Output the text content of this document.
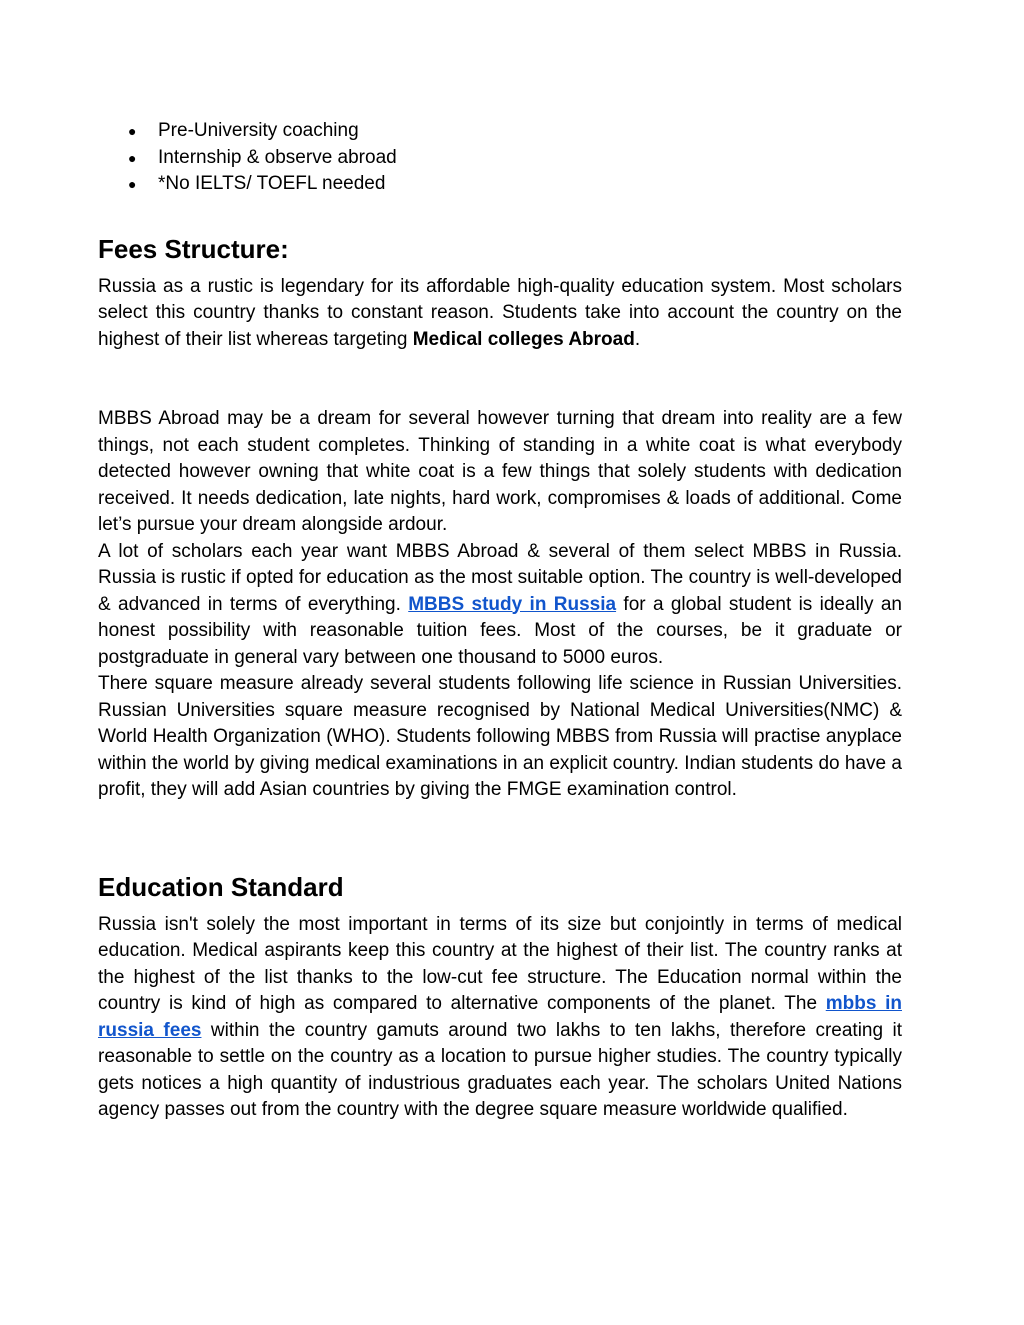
● Pre-University coaching
● Internship & observe abroad
● *No IELTS/ TOEFL needed
Fees Structure:

Russia as a rustic is legendary for its affordable high-quality education system. Most scholars select this country thanks to constant reason. Students take into account the country on the highest of their list whereas targeting Medical colleges Abroad.

MBBS Abroad may be a dream for several however turning that dream into reality are a few things, not each student completes. Thinking of standing in a white coat is what everybody detected however owning that white coat is a few things that solely students with dedication received. It needs dedication, late nights, hard work, compromises & loads of additional. Come let’s pursue your dream alongside ardour.

A lot of scholars each year want MBBS Abroad & several of them select MBBS in Russia. Russia is rustic if opted for education as the most suitable option. The country is well-developed & advanced in terms of everything. MBBS study in Russia for a global student is ideally an honest possibility with reasonable tuition fees. Most of the courses, be it graduate or postgraduate in general vary between one thousand to 5000 euros.

There square measure already several students following life science in Russian Universities. Russian Universities square measure recognised by National Medical Universities(NMC) & World Health Organization (WHO). Students following MBBS from Russia will practise anyplace within the world by giving medical examinations in an explicit country. Indian students do have a profit, they will add Asian countries by giving the FMGE examination control.

Education Standard

Russia isn't solely the most important in terms of its size but conjointly in terms of medical education. Medical aspirants keep this country at the highest of their list. The country ranks at the highest of the list thanks to the low-cut fee structure. The Education normal within the country is kind of high as compared to alternative components of the planet. The mbbs in russia fees within the country gamuts around two lakhs to ten lakhs, therefore creating it reasonable to settle on the country as a location to pursue higher studies. The country typically gets notices a high quantity of industrious graduates each year. The scholars United Nations agency passes out from the country with the degree square measure worldwide qualified.
